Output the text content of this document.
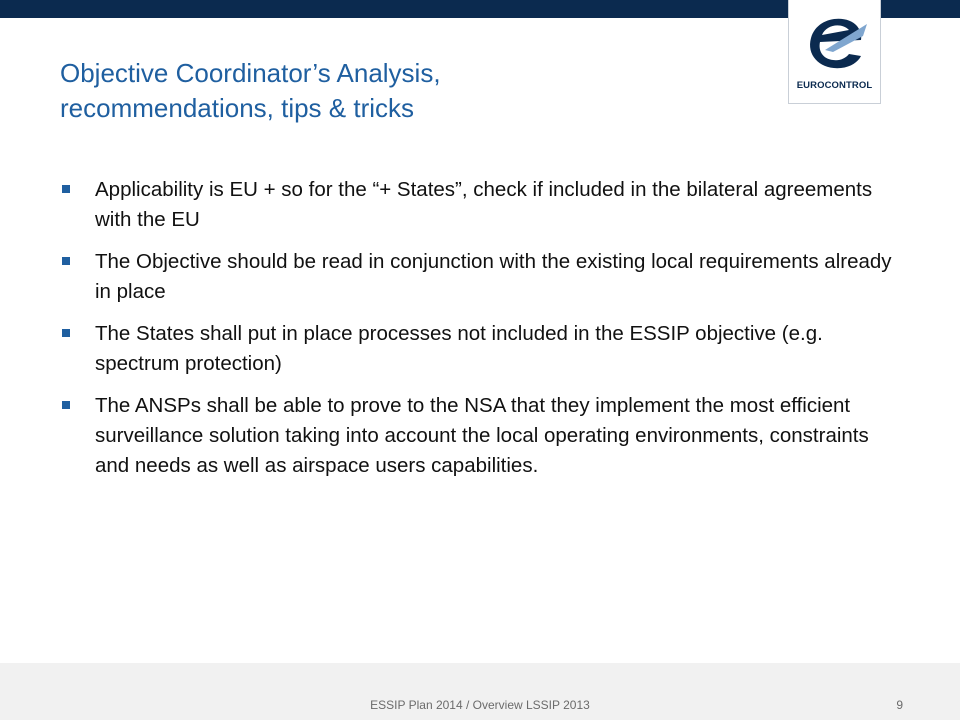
EUROCONTROL
Objective Coordinator’s Analysis,
recommendations, tips & tricks
Applicability is EU + so for the “+ States”, check if included in the bilateral agreements with the EU
The Objective should be read in conjunction with the existing local requirements already in place
The States shall put in place processes not included in the ESSIP objective (e.g. spectrum protection)
The ANSPs shall be able to prove to the NSA that they implement the most efficient surveillance solution taking into account the local operating environments, constraints and needs as well as airspace users capabilities.
ESSIP Plan 2014 / Overview LSSIP 2013	9
